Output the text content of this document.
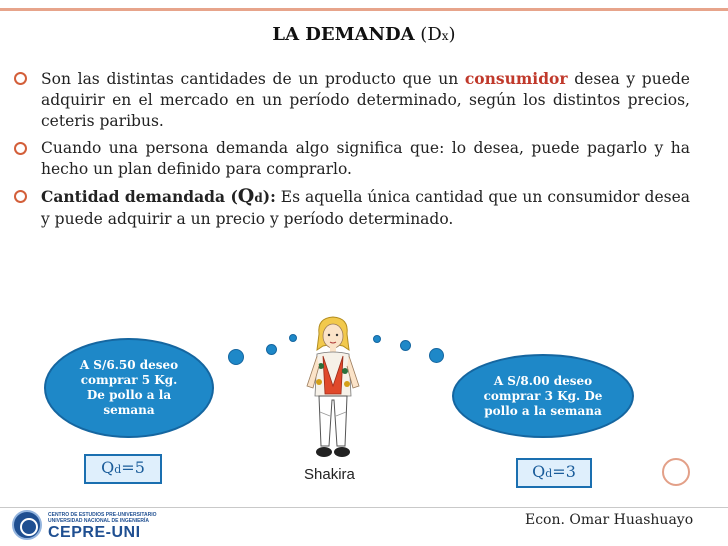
LA DEMANDA (Dx)
Son las distintas cantidades de un producto que un consumidor desea y puede adquirir en el mercado en un período determinado, según los distintos precios, ceteris paribus.
Cuando una persona demanda algo significa que: lo desea, puede pagarlo y ha hecho un plan definido para comprarlo.
Cantidad demandada (Qd): Es aquella única cantidad que un consumidor desea y puede adquirir a un precio y período determinado.
A S/6.50 deseo
comprar 5 Kg.
De pollo a la
semana
A S/8.00 deseo
comprar 3 Kg. De
pollo a la semana
Qd=5	Qd=3
Shakira
CENTRO DE ESTUDIOS PRE-UNIVERSITARIO UNIVERSIDAD NACIONAL DE INGENIERÍA
CEPRE-UNI
Econ. Omar Huashuayo
